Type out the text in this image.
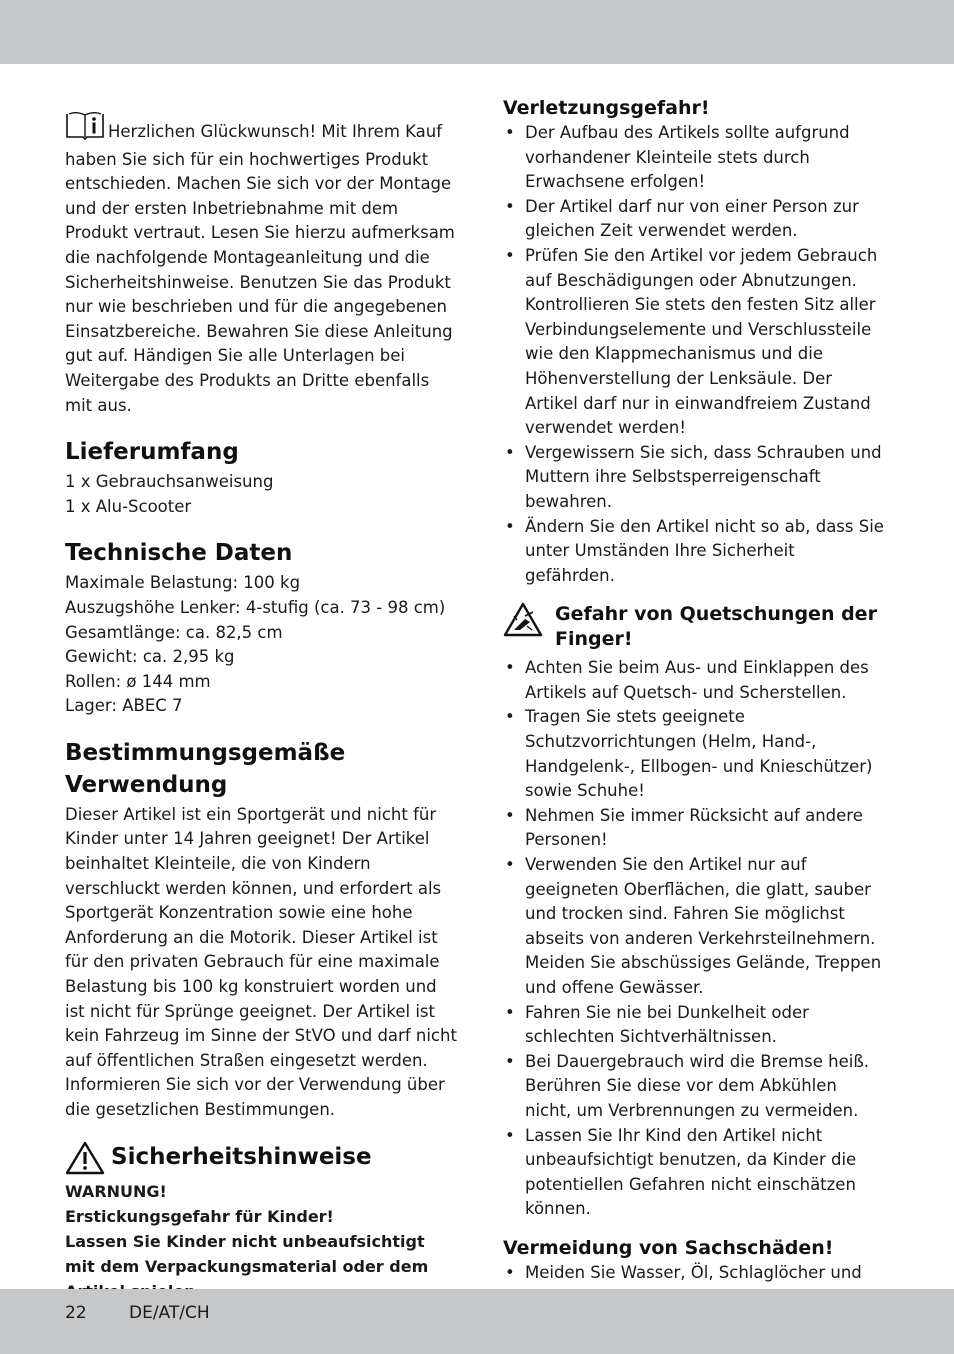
Herzlichen Glückwunsch! Mit Ihrem Kauf haben Sie sich für ein hochwertiges Produkt entschieden. Machen Sie sich vor der Montage und der ersten Inbetriebnahme mit dem Produkt vertraut. Lesen Sie hierzu aufmerksam die nachfolgende Montageanleitung und die Sicherheitshinweise. Benutzen Sie das Produkt nur wie beschrieben und für die angegebenen Einsatzbereiche. Bewahren Sie diese Anleitung gut auf. Händigen Sie alle Unterlagen bei Weitergabe des Produkts an Dritte ebenfalls mit aus.

Lieferumfang

1 x Gebrauchsanweisung

1 x Alu-Scooter

Technische Daten

Maximale Belastung: 100 kg

Auszugshöhe Lenker: 4-stufig (ca. 73 - 98 cm)

Gesamtlänge: ca. 82,5 cm

Gewicht: ca. 2,95 kg

Rollen: ø 144 mm

Lager: ABEC 7

Bestimmungsgemäße Verwendung

Dieser Artikel ist ein Sportgerät und nicht für Kinder unter 14 Jahren geeignet! Der Artikel beinhaltet Kleinteile, die von Kindern verschluckt werden können, und erfordert als Sportgerät Konzentration sowie eine hohe Anforderung an die Motorik. Dieser Artikel ist für den privaten Gebrauch für eine maximale Belastung bis 100 kg konstruiert worden und ist nicht für Sprünge geeignet. Der Artikel ist kein Fahrzeug im Sinne der StVO und darf nicht auf öffentlichen Straßen eingesetzt werden. Informieren Sie sich vor der Verwendung über die gesetzlichen Bestimmungen.

Sicherheitshinweise

WARNUNG!

Erstickungsgefahr für Kinder!

Lassen Sie Kinder nicht unbeaufsichtigt mit dem Verpackungsmaterial oder dem

Verletzungsgefahr!
• Der Aufbau des Artikels sollte aufgrund vorhandener Kleinteile stets durch Erwachsene erfolgen!
• Der Artikel darf nur von einer Person zur gleichen Zeit verwendet werden.
• Prüfen Sie den Artikel vor jedem Gebrauch auf Beschädigungen oder Abnutzungen. Kontrollieren Sie stets den festen Sitz aller Verbindungselemente und Verschlussteile wie den Klappmechanismus und die Höhenverstellung der Lenksäule. Der Artikel darf nur in einwandfreiem Zustand verwendet werden!
• Vergewissern Sie sich, dass Schrauben und Muttern ihre Selbstsperreigenschaft bewahren.
• Ändern Sie den Artikel nicht so ab, dass Sie unter Umständen Ihre Sicherheit gefährden.
Gefahr von Quetschungen der Finger!
• Achten Sie beim Aus- und Einklappen des Artikels auf Quetsch- und Scherstellen.
• Tragen Sie stets geeignete Schutzvorrichtungen (Helm, Hand-, Handgelenk-, Ellbogen- und Knieschützer) sowie Schuhe!
• Nehmen Sie immer Rücksicht auf andere Personen!
• Verwenden Sie den Artikel nur auf geeigneten Oberflächen, die glatt, sauber und trocken sind. Fahren Sie möglichst abseits von anderen Verkehrsteilnehmern.
Meiden Sie abschüssiges Gelände, Treppen und offene Gewässer.
• Fahren Sie nie bei Dunkelheit oder schlechten Sichtverhältnissen.
• Bei Dauergebrauch wird die Bremse heiß. Berühren Sie diese vor dem Abkühlen nicht, um Verbrennungen zu vermeiden.
• Lassen Sie Ihr Kind den Artikel nicht unbeaufsichtigt benutzen, da Kinder die potentiellen Gefahren nicht einschätzen können.
Vermeidung von Sachschäden!
• Meiden Sie Wasser, Öl, Schlaglöcher und
22 DE/AT/CH
